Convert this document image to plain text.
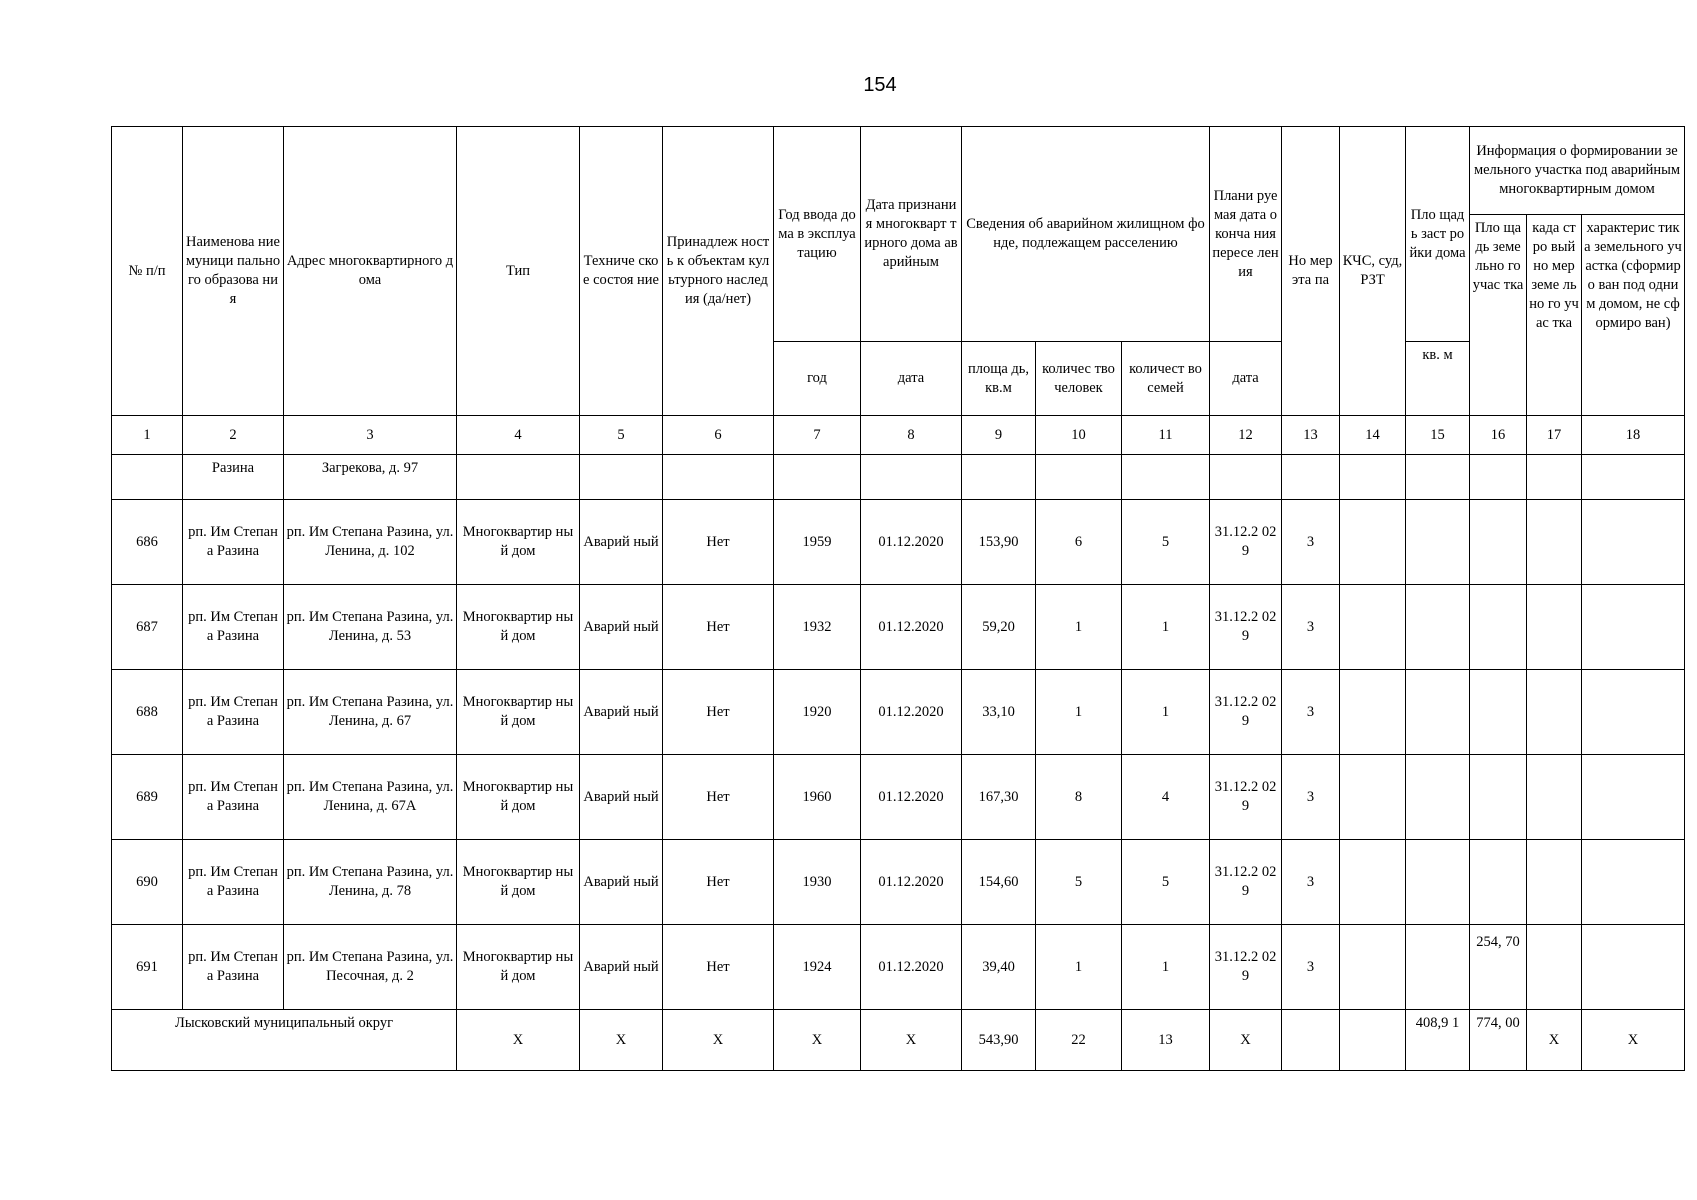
154
№ п/п	Наименова ние муници пального образова ния	Адрес многоквартирного дома	Тип	Техниче ское состоя ние	Принадлеж ность к объектам культурного наследия (да/нет)	Год ввода дома в эксплуа тацию	Дата признания многокварт тирного дома аварийным	Сведения об аварийном жилищном фонде, подлежащем расселению			Плани руемая дата оконча ния пересе ления	Но мер эта па	КЧС, суд, РЗТ	Пло щадь заст ройки дома	Информация о формировании земельного участка под аварийным многоквартирным домом		
															Пло щадь земе льно го учас тка	када стро вый но мер земе льно го учас тка	характерис тика земельного участка (сформиро ван под одним домом, не сформиро ван)
						год	дата	площа дь, кв.м	количес тво человек	количест во семей	дата			кв. м			
1	2	3	4	5	6	7	8	9	10	11	12	13	14	15	16	17	18
	Разина	Загрекова, д. 97															
686	рп. Им Степана Разина	рп. Им Степана Разина, ул. Ленина, д. 102	Многоквартир ный дом	Аварий ный	Нет	1959	01.12.2020	153,90	6	5	31.12.2 029	3					
687	рп. Им Степана Разина	рп. Им Степана Разина, ул. Ленина, д. 53	Многоквартир ный дом	Аварий ный	Нет	1932	01.12.2020	59,20	1	1	31.12.2 029	3					
688	рп. Им Степана Разина	рп. Им Степана Разина, ул. Ленина, д. 67	Многоквартир ный дом	Аварий ный	Нет	1920	01.12.2020	33,10	1	1	31.12.2 029	3					
689	рп. Им Степана Разина	рп. Им Степана Разина, ул. Ленина, д. 67А	Многоквартир ный дом	Аварий ный	Нет	1960	01.12.2020	167,30	8	4	31.12.2 029	3					
690	рп. Им Степана Разина	рп. Им Степана Разина, ул. Ленина, д. 78	Многоквартир ный дом	Аварий ный	Нет	1930	01.12.2020	154,60	5	5	31.12.2 029	3					
691	рп. Им Степана Разина	рп. Им Степана Разина, ул. Песочная, д. 2	Многоквартир ный дом	Аварий ный	Нет	1924	01.12.2020	39,40	1	1	31.12.2 029	3			254, 70		
Лысковский муниципальный округ			X	X	X	X	X	543,90	22	13	X			408,9 1	774, 00	X	X
